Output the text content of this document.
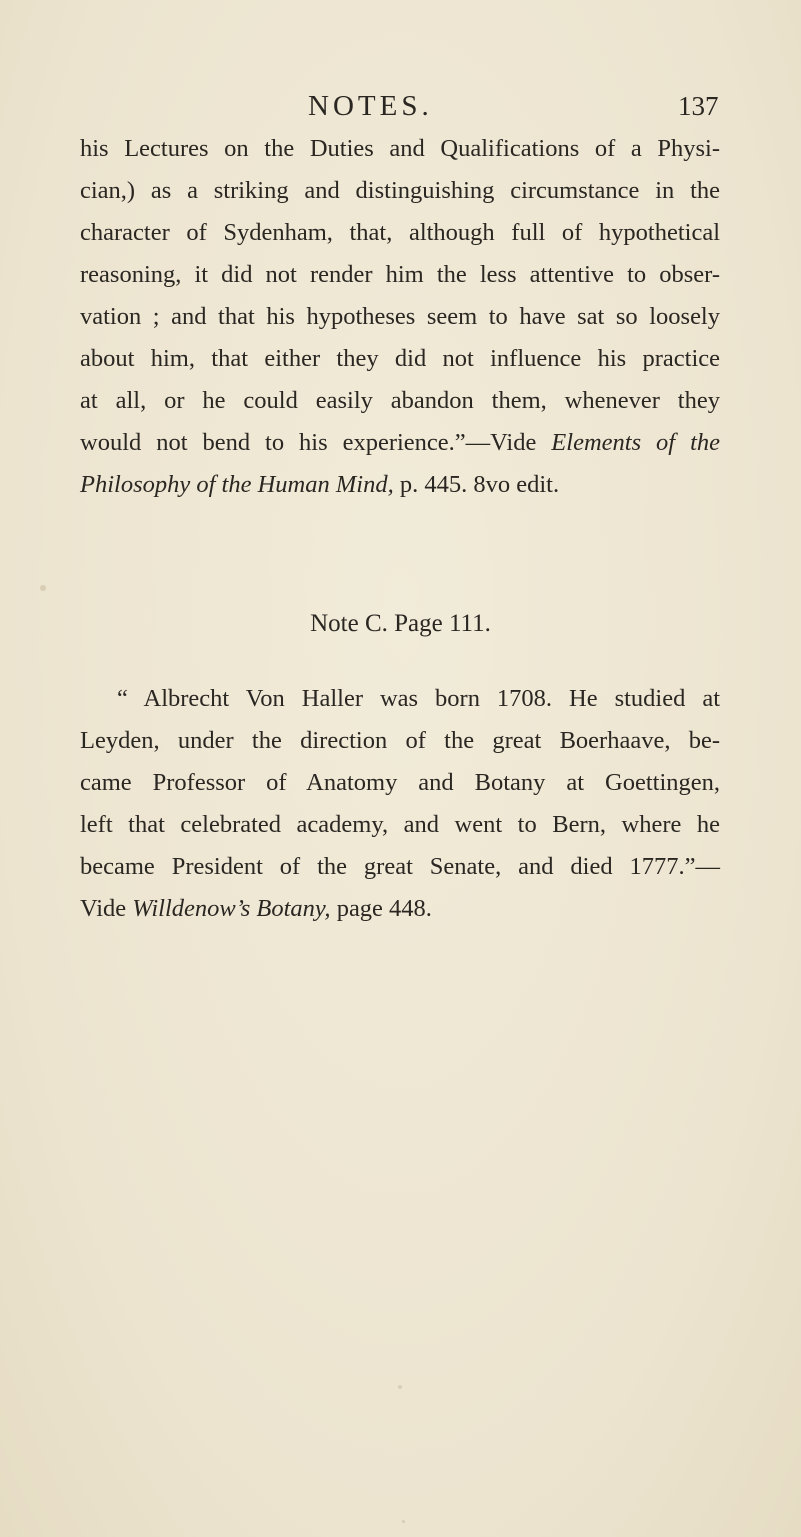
NOTES.	137
his Lectures on the Duties and Qualifications of a Physi-
cian,) as a striking and distinguishing circumstance in the
character of Sydenham, that, although full of hypothetical
reasoning, it did not render him the less attentive to obser-
vation ; and that his hypotheses seem to have sat so loosely
about him, that either they did not influence his practice
at all, or he could easily abandon them, whenever they
would not bend to his experience.”—Vide Elements of the
Philosophy of the Human Mind, p. 445. 8vo edit.
Note C. Page 111.
“ Albrecht Von Haller was born 1708. He studied at
Leyden, under the direction of the great Boerhaave, be-
came Professor of Anatomy and Botany at Goettingen,
left that celebrated academy, and went to Bern, where he
became President of the great Senate, and died 1777.”—
Vide Willdenow’s Botany, page 448.
